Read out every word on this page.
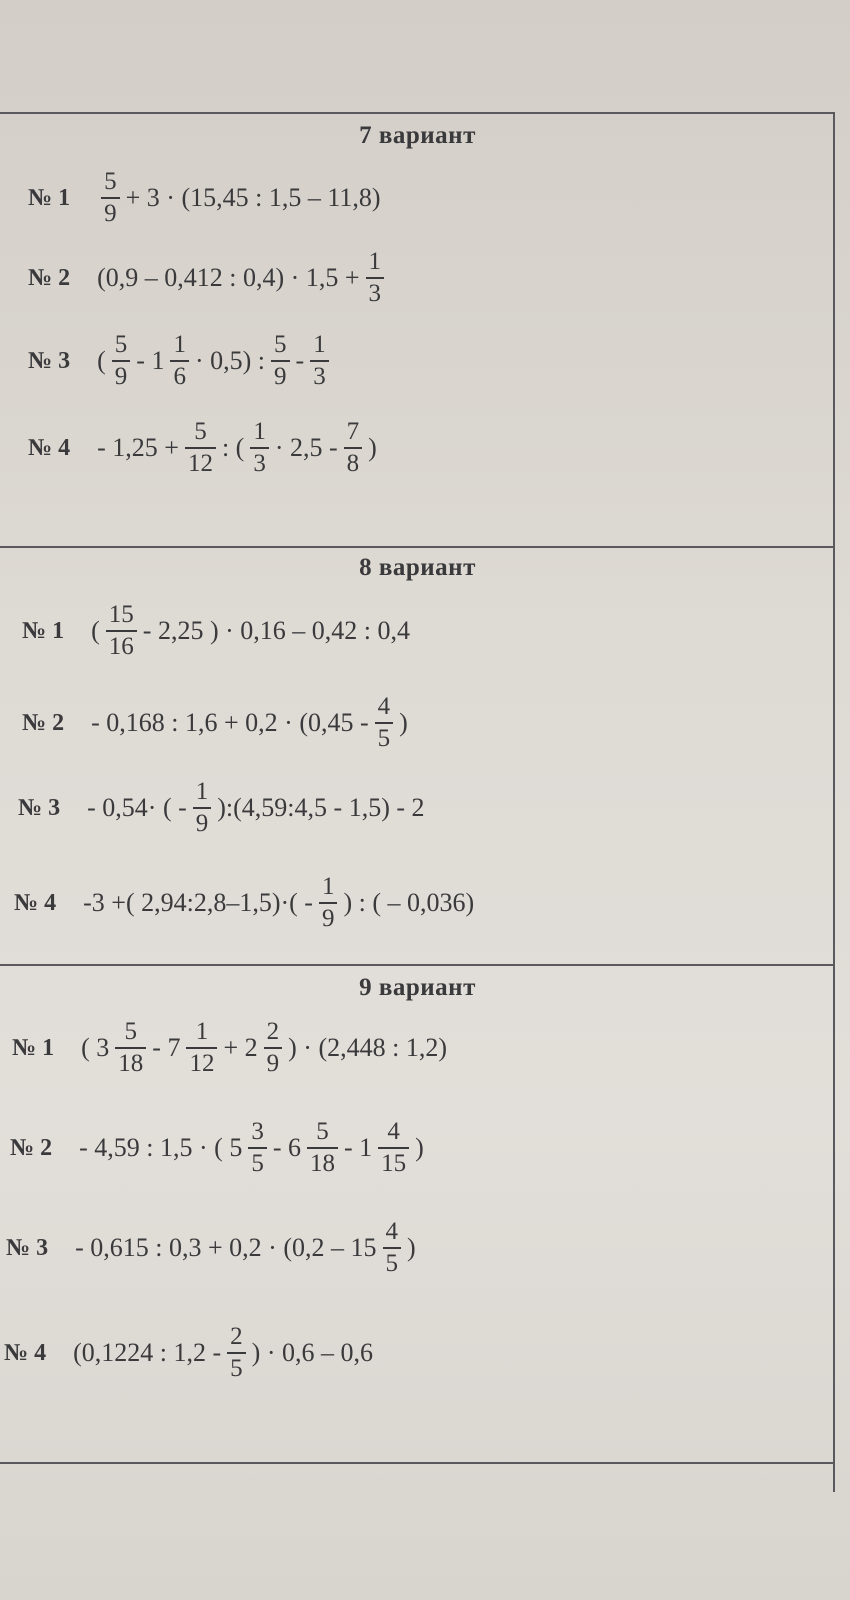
7 вариант
№ $1 \frac{5}{9} + 3 \cdot (15,45$ : 1,5 – 11,8)
№ 2 (0,9 – 0,412 : $0,4) \cdot 1,5 + \frac{1}{3}$
№ 3 ( $\frac{5}{9} - 1 \frac{1}{6} \cdot 0,5$) : $\frac{5}{9} - \frac{1}{3}$
№ $4 - 1,25 + \frac{5}{12}$ : ( $\frac{1}{3} \cdot 2,5 - \frac{7}{8}$ )
8 вариант
№ 1 ( $\frac{15}{16} - 2,25$ ) · 0,16 – 0,42 : 0,4
№ 2 - 0,168 : $1,6 + 0,2 \cdot (0,45 - \frac{4}{5}$ )
№ 3 - 0,54· ( - $\frac{1}{9}$ ):(4,59:4,5 - 1,5) - 2
№ 4 -3 +( 2,94:2,8–1,5)·( - $\frac{1}{9}$ ) : ( – 0,036)
9 вариант
№ 1 ( $3 \frac{5}{18} - 7 \frac{1}{12} + 2 \frac{2}{9}$ ) · (2,448 : 1,2)
№ 2 - 4,59 : 1,5 · ( $5 \frac{3}{5} - 6 \frac{5}{18} - 1 \frac{4}{15}$ )
№ 3 - 0,615 : $0,3 + 0,2 \cdot (0,2 - 15 \frac{4}{5}$ )
№ 4 (0,1224 : $1,2 - \frac{2}{5}$ ) · 0,6 – 0,6
